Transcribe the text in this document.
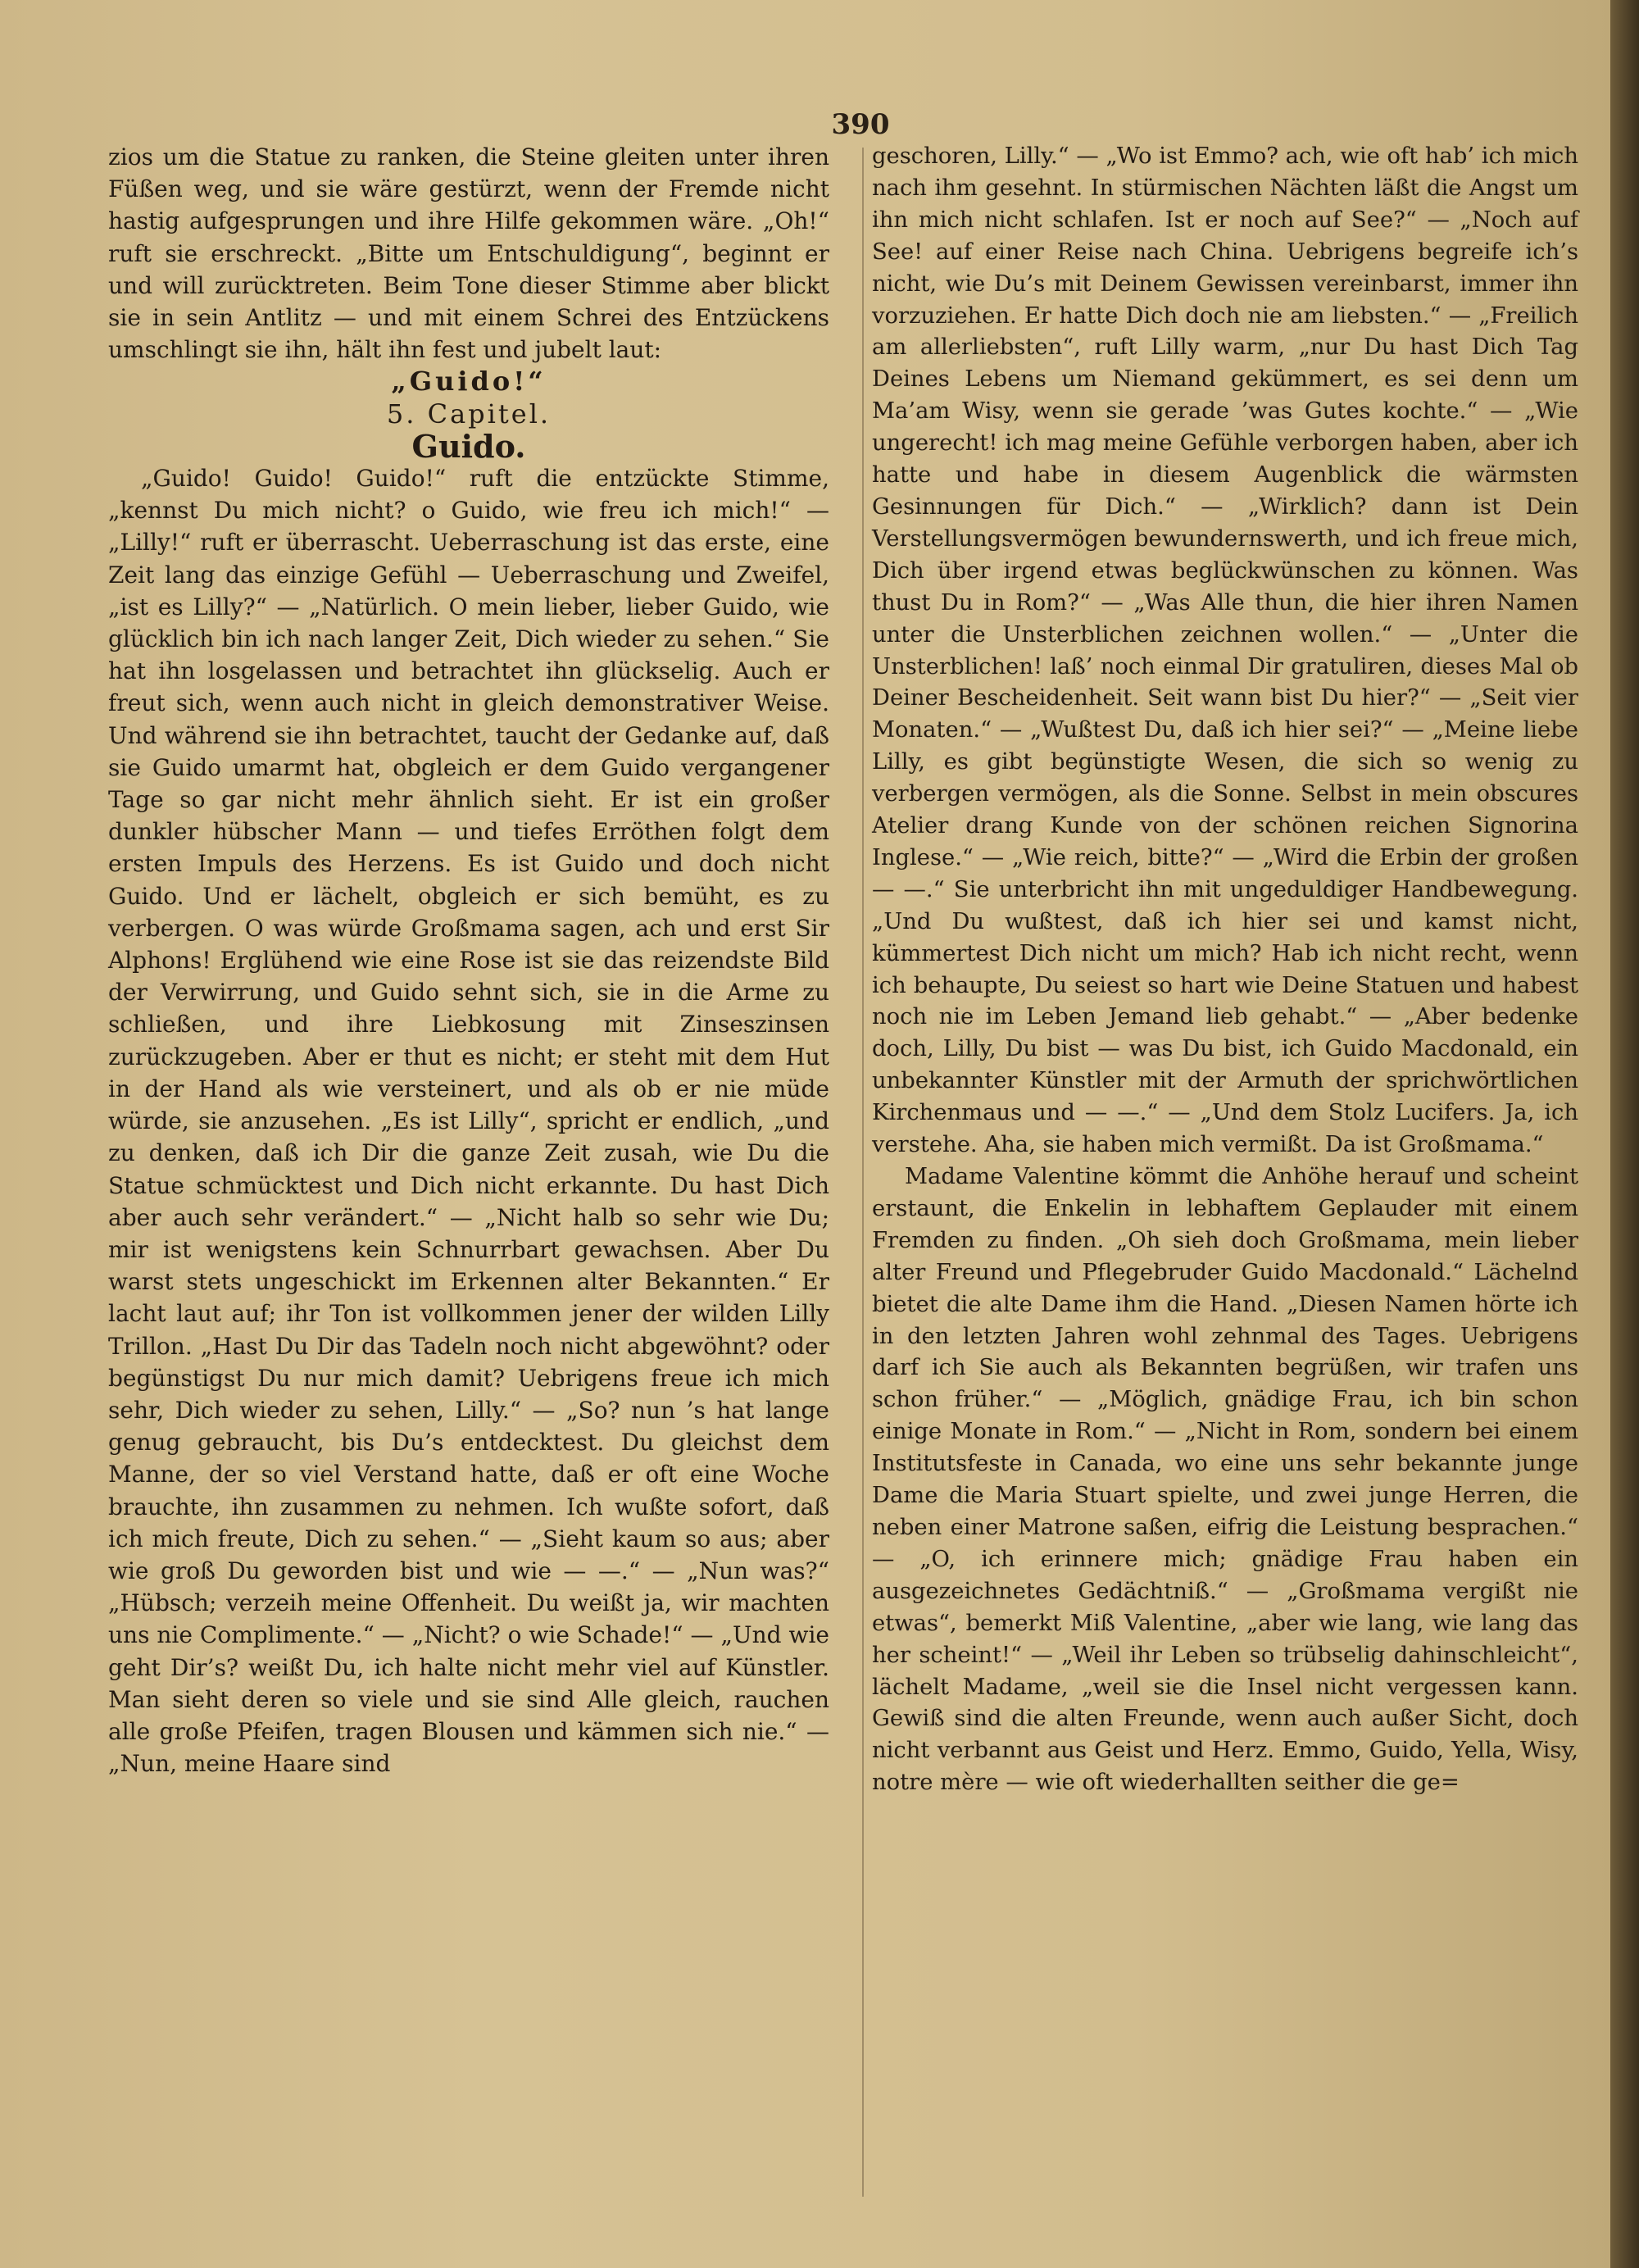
390

zios um die Statue zu ranken, die Steine gleiten unter ihren Füßen weg, und sie wäre gestürzt, wenn der Fremde nicht hastig aufgesprungen und ihre Hilfe gekommen wäre. „Oh!“ ruft sie erschreckt. „Bitte um Entschuldigung“, beginnt er und will zurücktreten. Beim Tone dieser Stimme aber blickt sie in sein Antlitz — und mit einem Schrei des Entzückens umschlingt sie ihn, hält ihn fest und jubelt laut:

„Guido!“

5. Capitel.

Guido.

„Guido! Guido! Guido!“ ruft die entzückte Stimme, „kennst Du mich nicht? o Guido, wie freu ich mich!“ — „Lilly!“ ruft er überrascht. Ueberraschung ist das erste, eine Zeit lang das einzige Gefühl — Ueberraschung und Zweifel, „ist es Lilly?“ — „Natürlich. O mein lieber, lieber Guido, wie glücklich bin ich nach langer Zeit, Dich wieder zu sehen.“ Sie hat ihn losgelassen und betrachtet ihn glückselig. Auch er freut sich, wenn auch nicht in gleich demonstrativer Weise. Und während sie ihn betrachtet, taucht der Gedanke auf, daß sie Guido umarmt hat, obgleich er dem Guido vergangener Tage so gar nicht mehr ähnlich sieht. Er ist ein großer dunkler hübscher Mann — und tiefes Erröthen folgt dem ersten Impuls des Herzens. Es ist Guido und doch nicht Guido. Und er lächelt, obgleich er sich bemüht, es zu verbergen. O was würde Großmama sagen, ach und erst Sir Alphons! Erglühend wie eine Rose ist sie das reizendste Bild der Verwirrung, und Guido sehnt sich, sie in die Arme zu schließen, und ihre Liebkosung mit Zinseszinsen zurückzugeben. Aber er thut es nicht; er steht mit dem Hut in der Hand als wie versteinert, und als ob er nie müde würde, sie anzusehen. „Es ist Lilly“, spricht er endlich, „und zu denken, daß ich Dir die ganze Zeit zusah, wie Du die Statue schmücktest und Dich nicht erkannte. Du hast Dich aber auch sehr verändert.“ — „Nicht halb so sehr wie Du; mir ist wenigstens kein Schnurrbart gewachsen. Aber Du warst stets ungeschickt im Erkennen alter Bekannten.“ Er lacht laut auf; ihr Ton ist vollkommen jener der wilden Lilly Trillon. „Hast Du Dir das Tadeln noch nicht abgewöhnt? oder begünstigst Du nur mich damit? Uebrigens freue ich mich sehr, Dich wieder zu sehen, Lilly.“ — „So? nun ’s hat lange genug gebraucht, bis Du’s entdecktest. Du gleichst dem Manne, der so viel Verstand hatte, daß er oft eine Woche brauchte, ihn zusammen zu nehmen. Ich wußte sofort, daß ich mich freute, Dich zu sehen.“ — „Sieht kaum so aus; aber wie groß Du geworden bist und wie — —.“ — „Nun was?“ „Hübsch; verzeih meine Offenheit. Du weißt ja, wir machten uns nie Complimente.“ — „Nicht? o wie Schade!“ — „Und wie geht Dir’s? weißt Du, ich halte nicht mehr viel auf Künstler. Man sieht deren so viele und sie sind Alle gleich, rauchen alle große Pfeifen, tragen Blousen und kämmen sich nie.“ — „Nun, meine Haare sind

geschoren, Lilly.“ — „Wo ist Emmo? ach, wie oft hab’ ich mich nach ihm gesehnt. In stürmischen Nächten läßt die Angst um ihn mich nicht schlafen. Ist er noch auf See?“ — „Noch auf See! auf einer Reise nach China. Uebrigens begreife ich’s nicht, wie Du’s mit Deinem Gewissen vereinbarst, immer ihn vorzuziehen. Er hatte Dich doch nie am liebsten.“ — „Freilich am allerliebsten“, ruft Lilly warm, „nur Du hast Dich Tag Deines Lebens um Niemand gekümmert, es sei denn um Ma’am Wisy, wenn sie gerade ’was Gutes kochte.“ — „Wie ungerecht! ich mag meine Gefühle verborgen haben, aber ich hatte und habe in diesem Augenblick die wärmsten Gesinnungen für Dich.“ — „Wirklich? dann ist Dein Verstellungsvermögen bewundernswerth, und ich freue mich, Dich über irgend etwas beglückwünschen zu können. Was thust Du in Rom?“ — „Was Alle thun, die hier ihren Namen unter die Unsterblichen zeichnen wollen.“ — „Unter die Unsterblichen! laß’ noch einmal Dir gratuliren, dieses Mal ob Deiner Bescheidenheit. Seit wann bist Du hier?“ — „Seit vier Monaten.“ — „Wußtest Du, daß ich hier sei?“ — „Meine liebe Lilly, es gibt begünstigte Wesen, die sich so wenig zu verbergen vermögen, als die Sonne. Selbst in mein obscures Atelier drang Kunde von der schönen reichen Signorina Inglese.“ — „Wie reich, bitte?“ — „Wird die Erbin der großen — —.“ Sie unterbricht ihn mit ungeduldiger Handbewegung. „Und Du wußtest, daß ich hier sei und kamst nicht, kümmertest Dich nicht um mich? Hab ich nicht recht, wenn ich behaupte, Du seiest so hart wie Deine Statuen und habest noch nie im Leben Jemand lieb gehabt.“ — „Aber bedenke doch, Lilly, Du bist — was Du bist, ich Guido Macdonald, ein unbekannter Künstler mit der Armuth der sprichwörtlichen Kirchenmaus und — —.“ — „Und dem Stolz Lucifers. Ja, ich verstehe. Aha, sie haben mich vermißt. Da ist Großmama.“

Madame Valentine kömmt die Anhöhe herauf und scheint erstaunt, die Enkelin in lebhaftem Geplauder mit einem Fremden zu finden. „Oh sieh doch Großmama, mein lieber alter Freund und Pflegebruder Guido Macdonald.“ Lächelnd bietet die alte Dame ihm die Hand. „Diesen Namen hörte ich in den letzten Jahren wohl zehnmal des Tages. Uebrigens darf ich Sie auch als Bekannten begrüßen, wir trafen uns schon früher.“ — „Möglich, gnädige Frau, ich bin schon einige Monate in Rom.“ — „Nicht in Rom, sondern bei einem Institutsfeste in Canada, wo eine uns sehr bekannte junge Dame die Maria Stuart spielte, und zwei junge Herren, die neben einer Matrone saßen, eifrig die Leistung besprachen.“ — „O, ich erinnere mich; gnädige Frau haben ein ausgezeichnetes Gedächtniß.“ — „Großmama vergißt nie etwas“, bemerkt Miß Valentine, „aber wie lang, wie lang das her scheint!“ — „Weil ihr Leben so trübselig dahinschleicht“, lächelt Madame, „weil sie die Insel nicht vergessen kann. Gewiß sind die alten Freunde, wenn auch außer Sicht, doch nicht verbannt aus Geist und Herz. Emmo, Guido, Yella, Wisy, notre mère — wie oft wiederhallten seither die ge=
